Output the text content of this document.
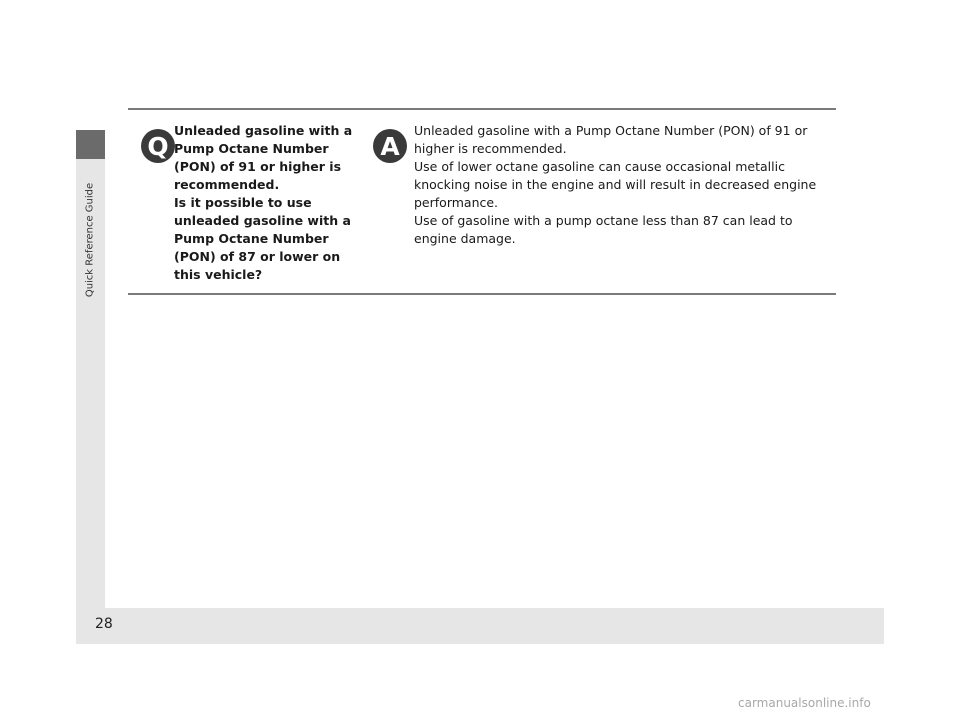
Quick Reference Guide
Q
Unleaded gasoline with a
Pump Octane Number
(PON) of 91 or higher is
recommended.
Is it possible to use
unleaded gasoline with a
Pump Octane Number
(PON) of 87 or lower on
this vehicle?
A
Unleaded gasoline with a Pump Octane Number (PON) of 91 or
higher is recommended.
Use of lower octane gasoline can cause occasional metallic
knocking noise in the engine and will result in decreased engine
performance.
Use of gasoline with a pump octane less than 87 can lead to
engine damage.
28
carmanualsonline.info
